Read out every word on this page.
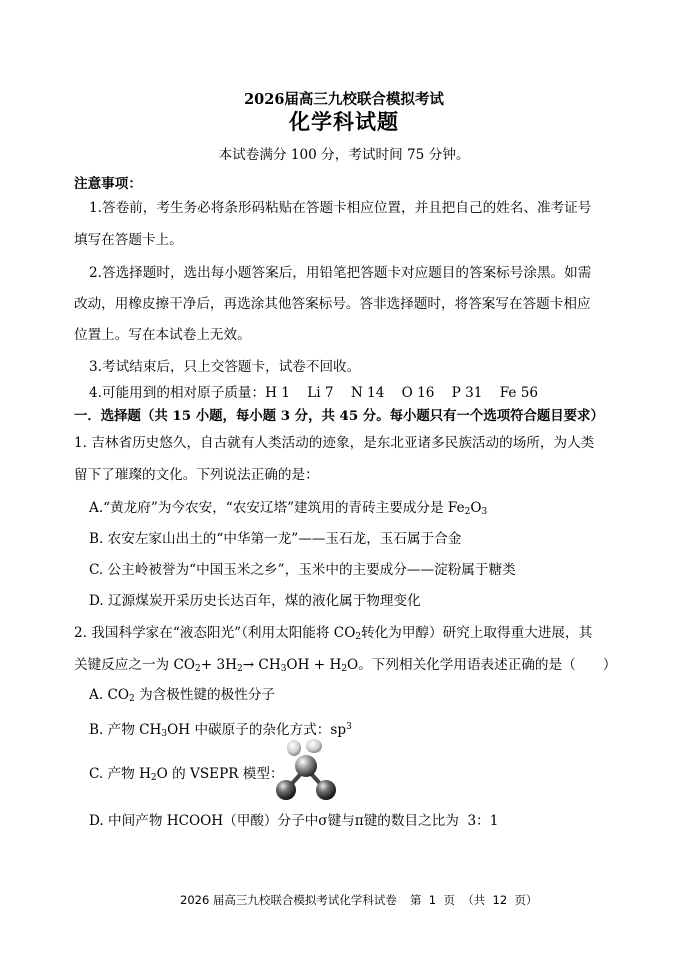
2026届高三九校联合模拟考试
化学科试题
本试卷满分 100 分，考试时间 75 分钟。
注意事项：
1.答卷前，考生务必将条形码粘贴在答题卡相应位置，并且把自己的姓名、准考证号
填写在答题卡上。
2.答选择题时，选出每小题答案后，用铅笔把答题卡对应题目的答案标号涂黑。如需
改动，用橡皮擦干净后，再选涂其他答案标号。答非选择题时，将答案写在答题卡相应
位置上。写在本试卷上无效。
3.考试结束后，只上交答题卡，试卷不回收。
4.可能用到的相对原子质量：H 1    Li 7    N 14    O 16    P 31    Fe 56
一．选择题（共 15 小题，每小题 3 分，共 45 分。每小题只有一个选项符合题目要求）
1. 吉林省历史悠久，自古就有人类活动的迹象，是东北亚诸多民族活动的场所，为人类
留下了璀璨的文化。下列说法正确的是：
A.“黄龙府”为今农安，“农安辽塔”建筑用的青砖主要成分是 $Fe_2O_3$
B. 农安左家山出土的“中华第一龙”——玉石龙，玉石属于合金
C. 公主岭被誉为“中国玉米之乡”，玉米中的主要成分——淀粉属于糖类
D. 辽源煤炭开采历史长达百年，煤的液化属于物理变化
2. 我国科学家在“液态阳光”（利用太阳能将 $CO_2$转化为甲醇）研究上取得重大进展，其
关键反应之一为 $CO_2+ 3H_2\to CH_3OH + H_2O$。下列相关化学用语表述正确的是（　　）
A. $CO_2$ 为含极性键的极性分子
B. 产物 $CH_3OH$ 中碳原子的杂化方式：$sp^3$
C. 产物 $H_2O$ 的 VSEPR 模型：
D. 中间产物 HCOOH（甲酸）分子中σ键与π键的数目之比为  3：1
2026 届高三九校联合模拟考试化学科试卷 第  1  页  （共  12  页）
